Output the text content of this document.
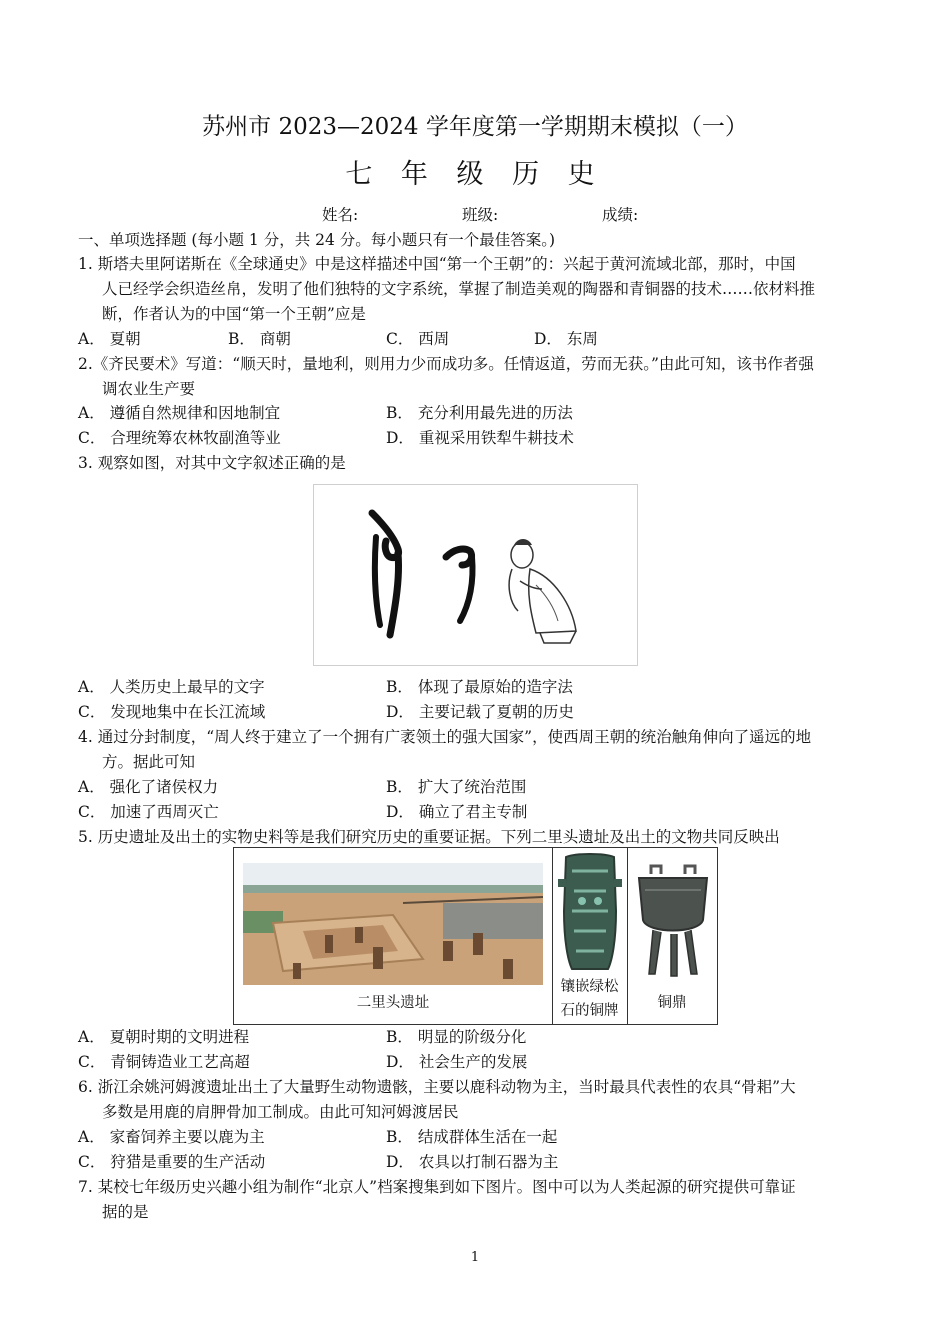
苏州市 2023—2024 学年度第一学期期末模拟（一）
七 年 级 历 史
姓名:	班级:	成绩:
一、单项选择题 (每小题 1 分，共 24 分。每小题只有一个最佳答案。)
1. 斯塔夫里阿诺斯在《全球通史》中是这样描述中国“第一个王朝”的：兴起于黄河流域北部，那时，中国
人已经学会织造丝帛，发明了他们独特的文字系统，掌握了制造美观的陶器和青铜器的技术……依材料推
断，作者认为的中国“第一个王朝”应是
A． 夏朝	B． 商朝	C． 西周	D． 东周
2.《齐民要术》写道：“顺天时，量地利，则用力少而成功多。任情返道，劳而无获。”由此可知，该书作者强
调农业生产要
A． 遵循自然规律和因地制宜	B． 充分利用最先进的历法
C． 合理统筹农林牧副渔等业	D． 重视采用铁犁牛耕技术
3. 观察如图，对其中文字叙述正确的是
A． 人类历史上最早的文字	B． 体现了最原始的造字法
C． 发现地集中在长江流域	D． 主要记载了夏朝的历史
4. 通过分封制度，“周人终于建立了一个拥有广袤领土的强大国家”，使西周王朝的统治触角伸向了遥远的地
方。据此可知
A． 强化了诸侯权力	B． 扩大了统治范围
C． 加速了西周灭亡	D． 确立了君主专制
5. 历史遗址及出土的实物史料等是我们研究历史的重要证据。下列二里头遗址及出土的文物共同反映出
二里头遗址
镶嵌绿松
石的铜牌	铜鼎
A． 夏朝时期的文明进程	B． 明显的阶级分化
C． 青铜铸造业工艺高超	D． 社会生产的发展
6. 浙江余姚河姆渡遗址出土了大量野生动物遗骸，主要以鹿科动物为主，当时最具代表性的农具“骨耜”大
多数是用鹿的肩胛骨加工制成。由此可知河姆渡居民
A． 家畜饲养主要以鹿为主	B． 结成群体生活在一起
C． 狩猎是重要的生产活动	D． 农具以打制石器为主
7. 某校七年级历史兴趣小组为制作“北京人”档案搜集到如下图片。图中可以为人类起源的研究提供可靠证
据的是
1
